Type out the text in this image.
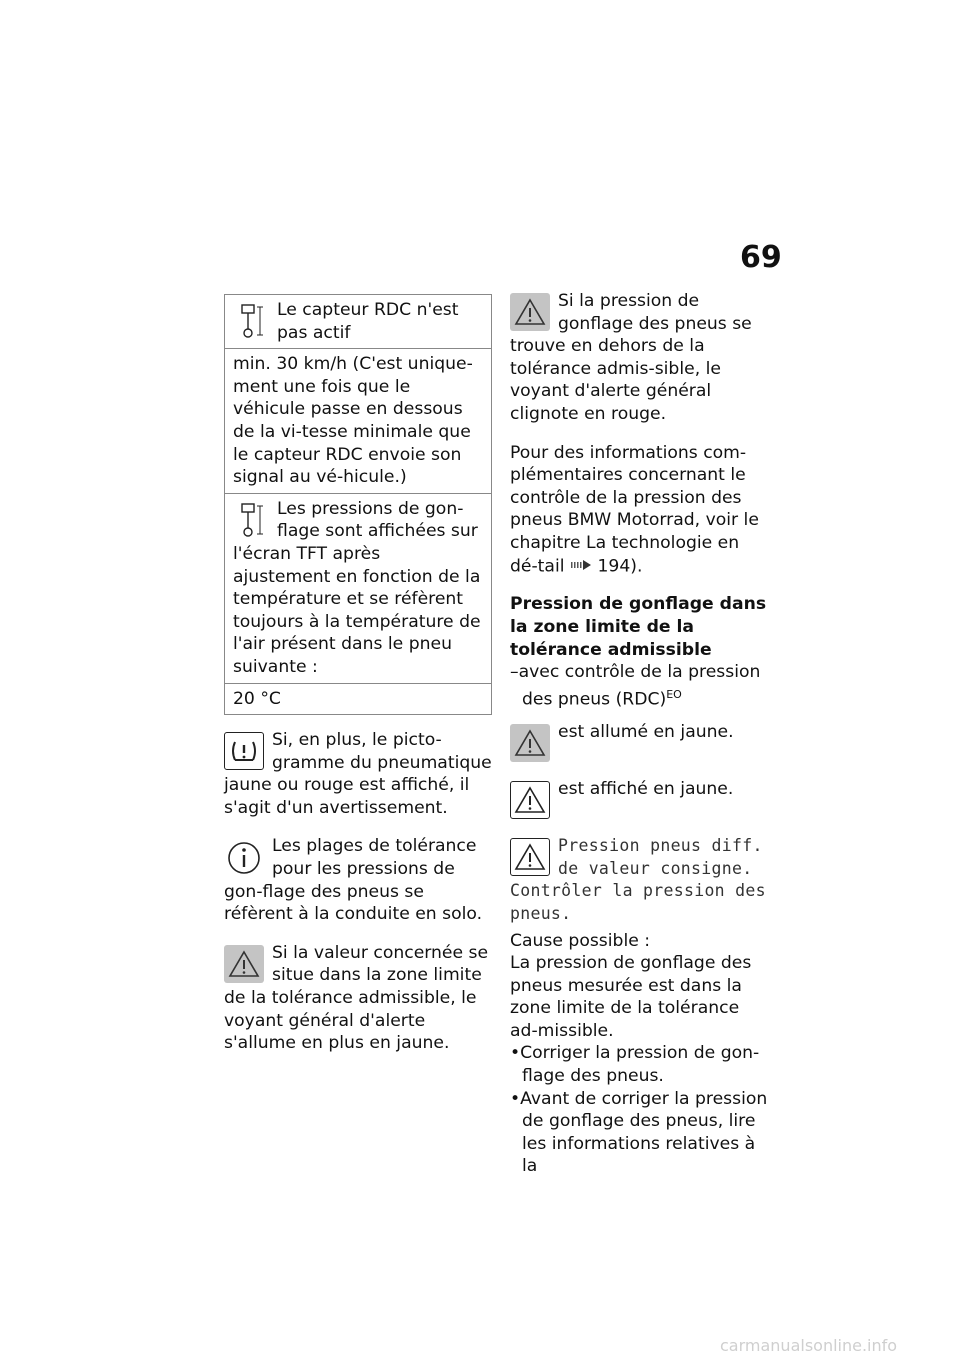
69

Le capteur RDC n'est pas actif

min. 30 km/h (C'est unique-ment une fois que le véhicule passe en dessous de la vi-tesse minimale que le capteur RDC envoie son signal au vé-hicule.)

Les pressions de gon-flage sont affichées sur l'écran TFT après ajustement en fonction de la température et se réfèrent toujours à la température de l'air présent dans le pneu suivante :

20 °C

Si, en plus, le picto-gramme du pneumatique jaune ou rouge est affiché, il s'agit d'un avertissement.

Les plages de tolérance pour les pressions de gon-flage des pneus se réfèrent à la conduite en solo.

Si la valeur concernée se situe dans la zone limite de la tolérance admissible, le voyant général d'alerte s'allume en plus en jaune.

Si la pression de gonflage des pneus se trouve en dehors de la tolérance admis-sible, le voyant d'alerte général clignote en rouge.

Pour des informations com-plémentaires concernant le contrôle de la pression des pneus BMW Motorrad, voir le chapitre La technologie en dé-tail 194).

Pression de gonflage dans la zone limite de la tolérance admissible

–avec contrôle de la pression des pneus (RDC)$^{EO}$

est allumé en jaune.

est affiché en jaune.

Pression pneus diff. de valeur consigne. Contrôler la pression des pneus.

Cause possible :

La pression de gonflage des pneus mesurée est dans la zone limite de la tolérance ad-missible.

•Corriger la pression de gon-flage des pneus.

•Avant de corriger la pression de gonflage des pneus, lire les informations relatives à la

carmanualsonline.info
